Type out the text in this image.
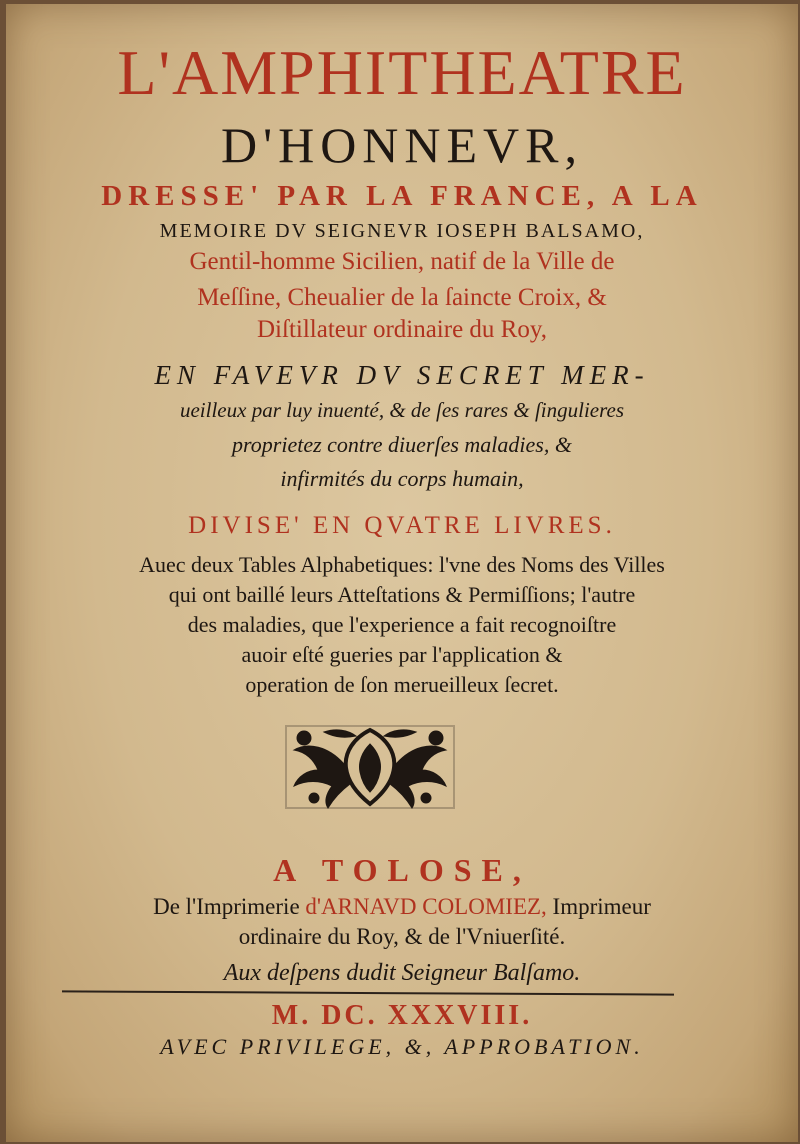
L'AMPHITHEATRE
D'HONNEVR,
DRESSE' PAR LA FRANCE, A LA
MEMOIRE DV SEIGNEVR IOSEPH BALSAMO,
Gentil-homme Sicilien, natif de la Ville de
Meſſine, Cheualier de la ſaincte Croix, &
Diſtillateur ordinaire du Roy,
EN FAVEVR DV SECRET MER-
ueilleux par luy inuenté, & de ſes rares & ſingulieres
proprietez contre diuerſes maladies, &
infirmités du corps humain,
DIVISE' EN QVATRE LIVRES.
Auec deux Tables Alphabetiques: l'vne des Noms des Villes
qui ont baillé leurs Atteſtations & Permiſſions; l'autre
des maladies, que l'experience a fait recognoiſtre
auoir eſté gueries par l'application &
operation de ſon merueilleux ſecret.
A TOLOSE,
De l'Imprimerie d'ARNAVD COLOMIEZ, Imprimeur
ordinaire du Roy, & de l'Vniuerſité.
Aux deſpens dudit Seigneur Balſamo.
M. DC. XXXVIII.
AVEC PRIVILEGE, &, APPROBATION.
